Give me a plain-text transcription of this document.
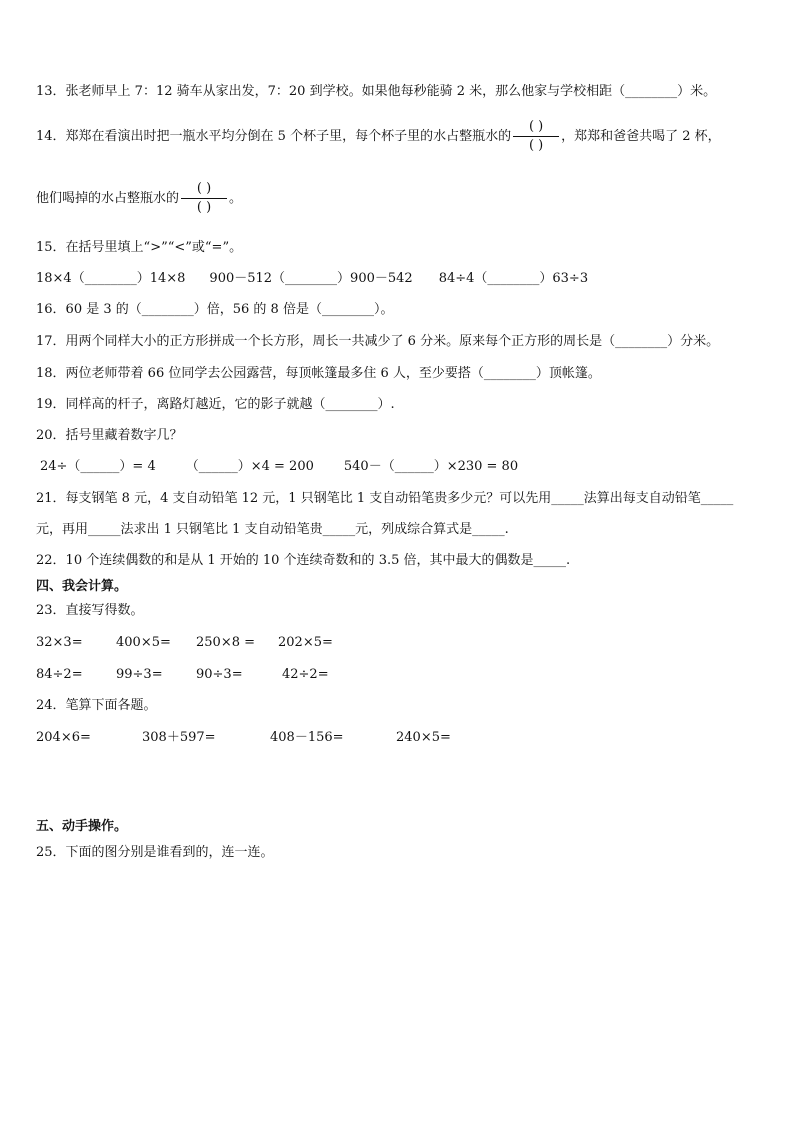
13．张老师早上 7：12 骑车从家出发，7：20 到学校。如果他每秒能骑 2 米，那么他家与学校相距（________）米。
14．郑郑在看演出时把一瓶水平均分倒在 5 个杯子里，每个杯子里的水占整瓶水的 $\frac{( )}{( )}$ ，郑郑和爸爸共喝了 2 杯，
他们喝掉的水占整瓶水的 $\frac{( )}{( )}$ 。
15．在括号里填上“>”“<”或“=”。
18×4（________）14×8 900－512（________）900－542 84÷4（________）63÷3
16．60 是 3 的（________）倍，56 的 8 倍是（________）。
17．用两个同样大小的正方形拼成一个长方形，周长一共减少了 6 分米。原来每个正方形的周长是（________）分米。
18．两位老师带着 66 位同学去公园露营，每顶帐篷最多住 6 人，至少要搭（________）顶帐篷。
19．同样高的杆子，离路灯越近，它的影子就越（________）.
20．括号里藏着数字几？
24÷（______）= 4 （______）×4 = 200 540－（______）×230 = 80
21．每支钢笔 8 元，4 支自动铅笔 12 元，1 只钢笔比 1 支自动铅笔贵多少元？可以先用_____法算出每支自动铅笔_____
元，再用_____法求出 1 只钢笔比 1 支自动铅笔贵_____元，列成综合算式是_____.
22．10 个连续偶数的和是从 1 开始的 10 个连续奇数和的 3.5 倍，其中最大的偶数是_____.
四、我会计算。
23．直接写得数。
32×3=	400×5= 250×8 = 202×5=
84÷2=	99÷3=	90÷3=	42÷2=
24．笔算下面各题。
204×6=	308＋597=	408－156=	240×5=
五、动手操作。
25．下面的图分别是谁看到的，连一连。
